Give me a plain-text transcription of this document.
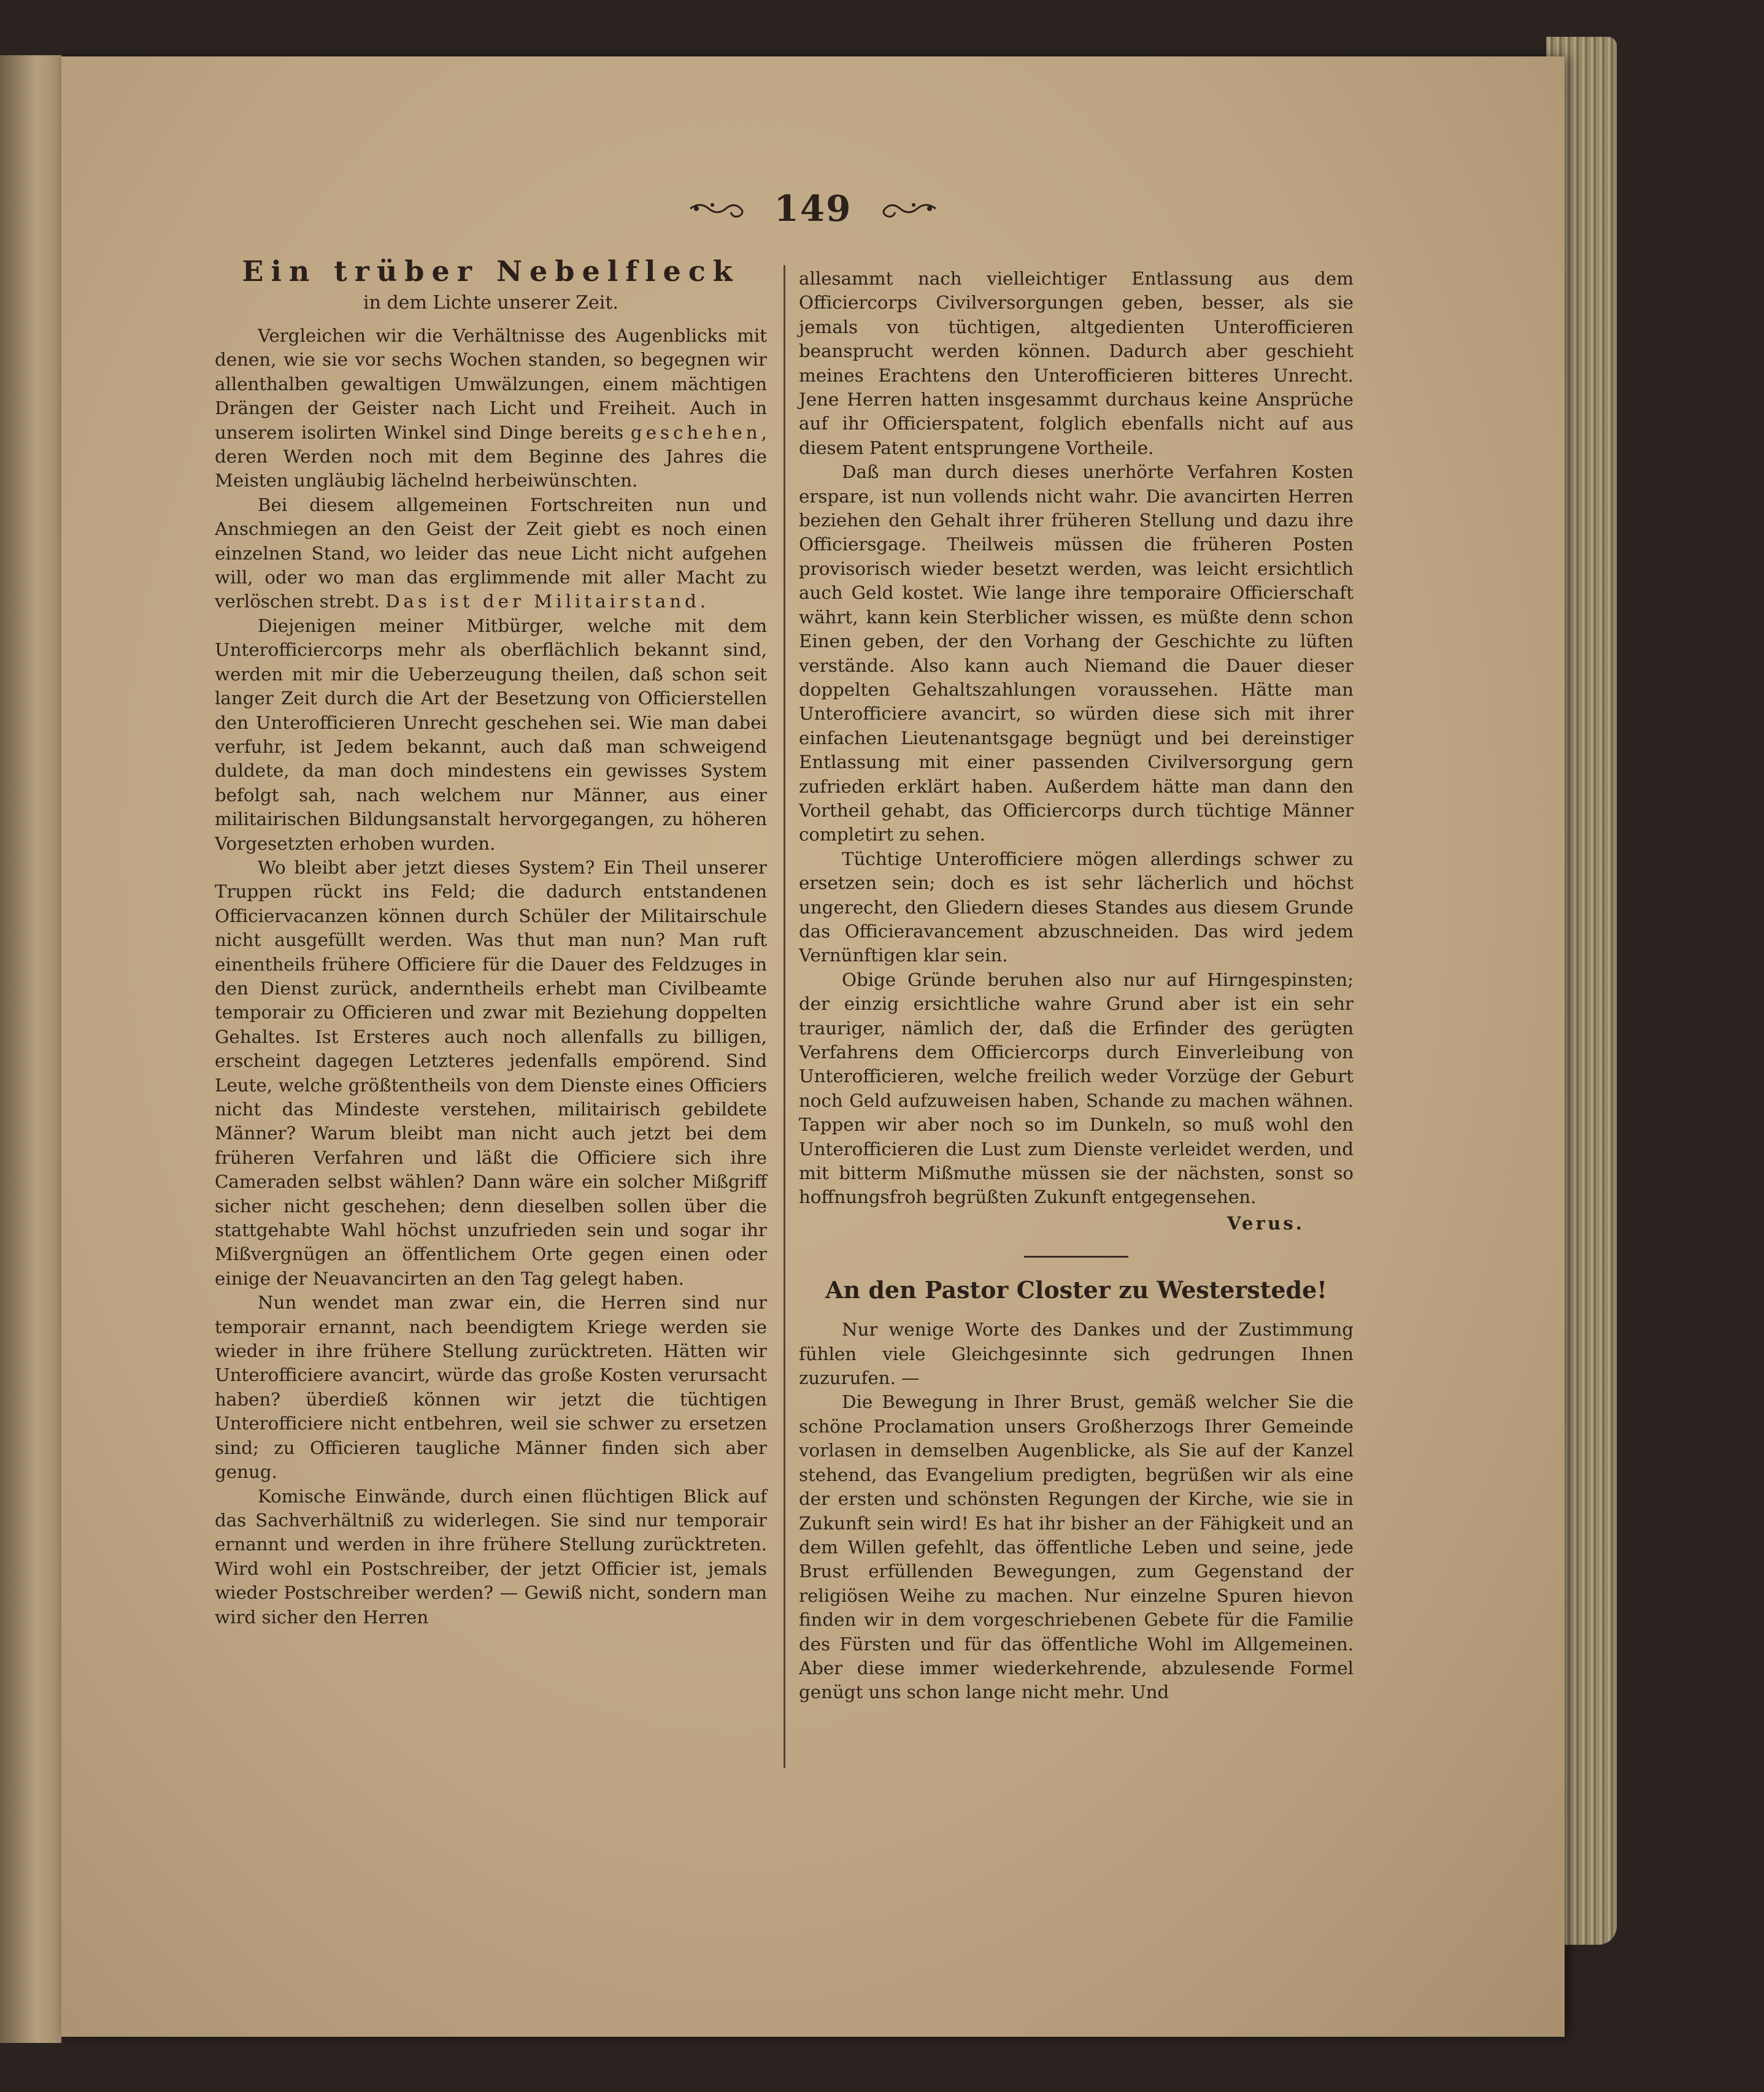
149
Ein trüber Nebelfleck
in dem Lichte unserer Zeit.

Vergleichen wir die Verhältnisse des Augenblicks mit denen, wie sie vor sechs Wochen standen, so begegnen wir allenthalben gewaltigen Umwälzungen, einem mächtigen Drängen der Geister nach Licht und Freiheit. Auch in unserem isolirten Winkel sind Dinge bereits geschehen, deren Werden noch mit dem Beginne des Jahres die Meisten ungläubig lächelnd herbeiwünschten.

Bei diesem allgemeinen Fortschreiten nun und Anschmiegen an den Geist der Zeit giebt es noch einen einzelnen Stand, wo leider das neue Licht nicht aufgehen will, oder wo man das erglimmende mit aller Macht zu verlöschen strebt. Das ist der Militairstand.

Diejenigen meiner Mitbürger, welche mit dem Unterofficiercorps mehr als oberflächlich bekannt sind, werden mit mir die Ueberzeugung theilen, daß schon seit langer Zeit durch die Art der Besetzung von Officierstellen den Unterofficieren Unrecht geschehen sei. Wie man dabei verfuhr, ist Jedem bekannt, auch daß man schweigend duldete, da man doch mindestens ein gewisses System befolgt sah, nach welchem nur Männer, aus einer militairischen Bildungsanstalt hervorgegangen, zu höheren Vorgesetzten erhoben wurden.

Wo bleibt aber jetzt dieses System? Ein Theil unserer Truppen rückt ins Feld; die dadurch entstandenen Officiervacanzen können durch Schüler der Militairschule nicht ausgefüllt werden. Was thut man nun? Man ruft einentheils frühere Officiere für die Dauer des Feldzuges in den Dienst zurück, anderntheils erhebt man Civilbeamte temporair zu Officieren und zwar mit Beziehung doppelten Gehaltes. Ist Ersteres auch noch allenfalls zu billigen, erscheint dagegen Letzteres jedenfalls empörend. Sind Leute, welche größtentheils von dem Dienste eines Officiers nicht das Mindeste verstehen, militairisch gebildete Männer? Warum bleibt man nicht auch jetzt bei dem früheren Verfahren und läßt die Officiere sich ihre Cameraden selbst wählen? Dann wäre ein solcher Mißgriff sicher nicht geschehen; denn dieselben sollen über die stattgehabte Wahl höchst unzufrieden sein und sogar ihr Mißvergnügen an öffentlichem Orte gegen einen oder einige der Neuavancirten an den Tag gelegt haben.

Nun wendet man zwar ein, die Herren sind nur temporair ernannt, nach beendigtem Kriege werden sie wieder in ihre frühere Stellung zurücktreten. Hätten wir Unterofficiere avancirt, würde das große Kosten verursacht haben? überdieß können wir jetzt die tüchtigen Unterofficiere nicht entbehren, weil sie schwer zu ersetzen sind; zu Officieren taugliche Männer finden sich aber genug.

Komische Einwände, durch einen flüchtigen Blick auf das Sachverhältniß zu widerlegen. Sie sind nur temporair ernannt und werden in ihre frühere Stellung zurücktreten. Wird wohl ein Postschreiber, der jetzt Officier ist, jemals wieder Postschreiber werden? — Gewiß nicht, sondern man wird sicher den Herren

allesammt nach vielleichtiger Entlassung aus dem Officiercorps Civilversorgungen geben, besser, als sie jemals von tüchtigen, altgedienten Unterofficieren beansprucht werden können. Dadurch aber geschieht meines Erachtens den Unterofficieren bitteres Unrecht. Jene Herren hatten insgesammt durchaus keine Ansprüche auf ihr Officierspatent, folglich ebenfalls nicht auf aus diesem Patent entsprungene Vortheile.

Daß man durch dieses unerhörte Verfahren Kosten erspare, ist nun vollends nicht wahr. Die avancirten Herren beziehen den Gehalt ihrer früheren Stellung und dazu ihre Officiersgage. Theilweis müssen die früheren Posten provisorisch wieder besetzt werden, was leicht ersichtlich auch Geld kostet. Wie lange ihre temporaire Officierschaft währt, kann kein Sterblicher wissen, es müßte denn schon Einen geben, der den Vorhang der Geschichte zu lüften verstände. Also kann auch Niemand die Dauer dieser doppelten Gehaltszahlungen voraussehen. Hätte man Unterofficiere avancirt, so würden diese sich mit ihrer einfachen Lieutenantsgage begnügt und bei dereinstiger Entlassung mit einer passenden Civilversorgung gern zufrieden erklärt haben. Außerdem hätte man dann den Vortheil gehabt, das Officiercorps durch tüchtige Männer completirt zu sehen.

Tüchtige Unterofficiere mögen allerdings schwer zu ersetzen sein; doch es ist sehr lächerlich und höchst ungerecht, den Gliedern dieses Standes aus diesem Grunde das Officieravancement abzuschneiden. Das wird jedem Vernünftigen klar sein.

Obige Gründe beruhen also nur auf Hirngespinsten; der einzig ersichtliche wahre Grund aber ist ein sehr trauriger, nämlich der, daß die Erfinder des gerügten Verfahrens dem Officiercorps durch Einverleibung von Unterofficieren, welche freilich weder Vorzüge der Geburt noch Geld aufzuweisen haben, Schande zu machen wähnen. Tappen wir aber noch so im Dunkeln, so muß wohl den Unterofficieren die Lust zum Dienste verleidet werden, und mit bitterm Mißmuthe müssen sie der nächsten, sonst so hoffnungsfroh begrüßten Zukunft entgegensehen.

Verus.
An den Pastor Closter zu Westerstede!

Nur wenige Worte des Dankes und der Zustimmung fühlen viele Gleichgesinnte sich gedrungen Ihnen zuzurufen. —

Die Bewegung in Ihrer Brust, gemäß welcher Sie die schöne Proclamation unsers Großherzogs Ihrer Gemeinde vorlasen in demselben Augenblicke, als Sie auf der Kanzel stehend, das Evangelium predigten, begrüßen wir als eine der ersten und schönsten Regungen der Kirche, wie sie in Zukunft sein wird! Es hat ihr bisher an der Fähigkeit und an dem Willen gefehlt, das öffentliche Leben und seine, jede Brust erfüllenden Bewegungen, zum Gegenstand der religiösen Weihe zu machen. Nur einzelne Spuren hievon finden wir in dem vorgeschriebenen Gebete für die Familie des Fürsten und für das öffentliche Wohl im Allgemeinen. Aber diese immer wiederkehrende, abzulesende Formel genügt uns schon lange nicht mehr. Und
